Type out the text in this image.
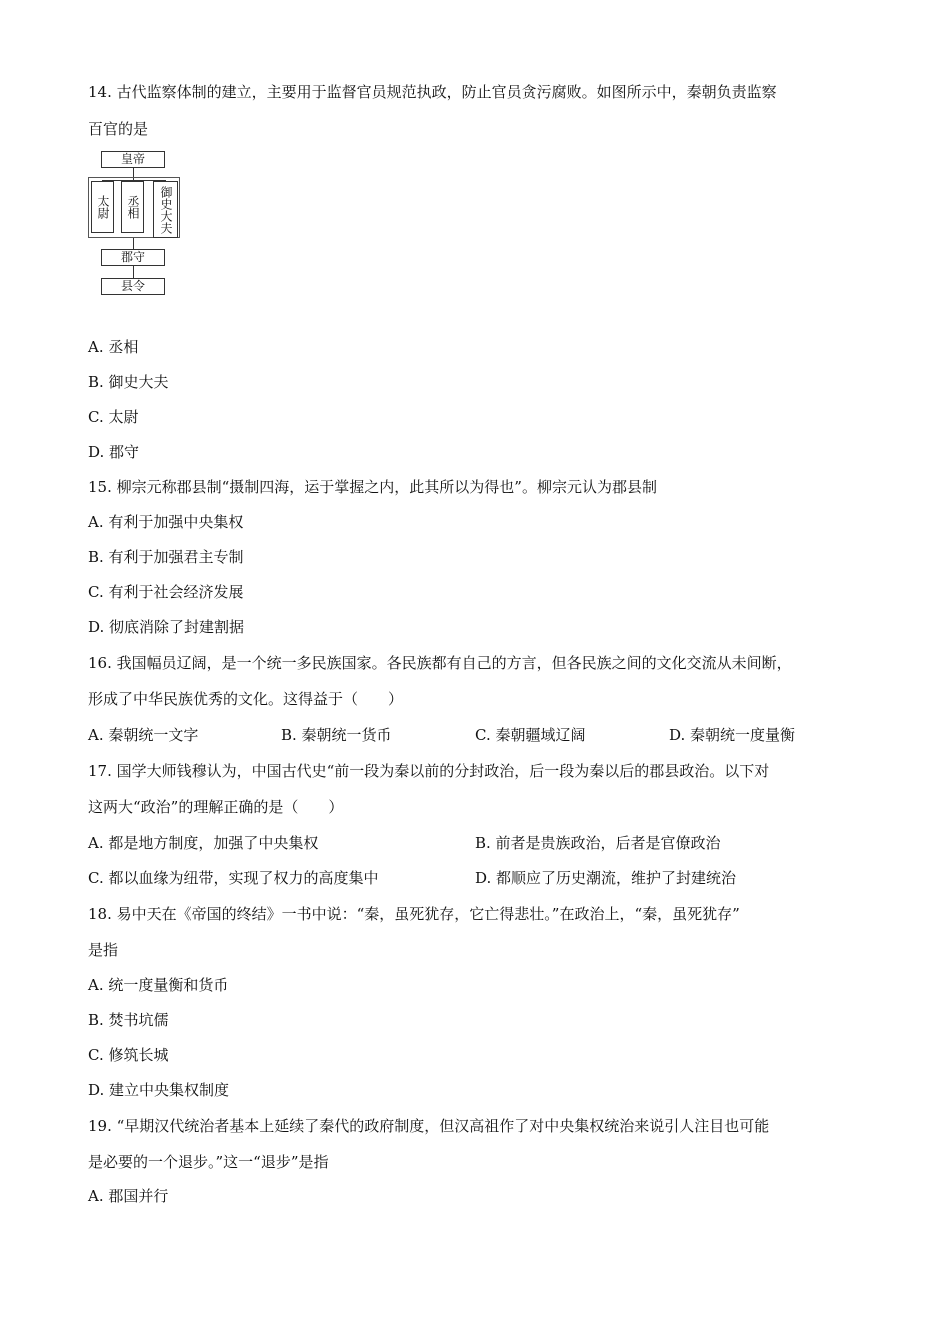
14. 古代监察体制的建立，主要用于监督官员规范执政，防止官员贪污腐败。如图所示中，秦朝负责监察
百官的是
皇帝
太尉 丞相 御史大夫
郡守
县令
A. 丞相
B. 御史大夫
C. 太尉
D. 郡守
15. 柳宗元称郡县制“摄制四海，运于掌握之内，此其所以为得也”。柳宗元认为郡县制
A. 有利于加强中央集权
B. 有利于加强君主专制
C. 有利于社会经济发展
D. 彻底消除了封建割据
16. 我国幅员辽阔，是一个统一多民族国家。各民族都有自己的方言，但各民族之间的文化交流从未间断，
形成了中华民族优秀的文化。这得益于（　　）
A. 秦朝统一文字	B. 秦朝统一货币	C. 秦朝疆域辽阔	D. 秦朝统一度量衡
17. 国学大师钱穆认为，中国古代史“前一段为秦以前的分封政治，后一段为秦以后的郡县政治。以下对
这两大“政治”的理解正确的是（　　）
A. 都是地方制度，加强了中央集权	B. 前者是贵族政治，后者是官僚政治
C. 都以血缘为纽带，实现了权力的高度集中	D. 都顺应了历史潮流，维护了封建统治
18. 易中天在《帝国的终结》一书中说：“秦，虽死犹存，它亡得悲壮。”在政治上，“秦，虽死犹存”
是指
A. 统一度量衡和货币
B. 焚书坑儒
C. 修筑长城
D. 建立中央集权制度
19. “早期汉代统治者基本上延续了秦代的政府制度，但汉高祖作了对中央集权统治来说引人注目也可能
是必要的一个退步。”这一“退步”是指
A. 郡国并行
